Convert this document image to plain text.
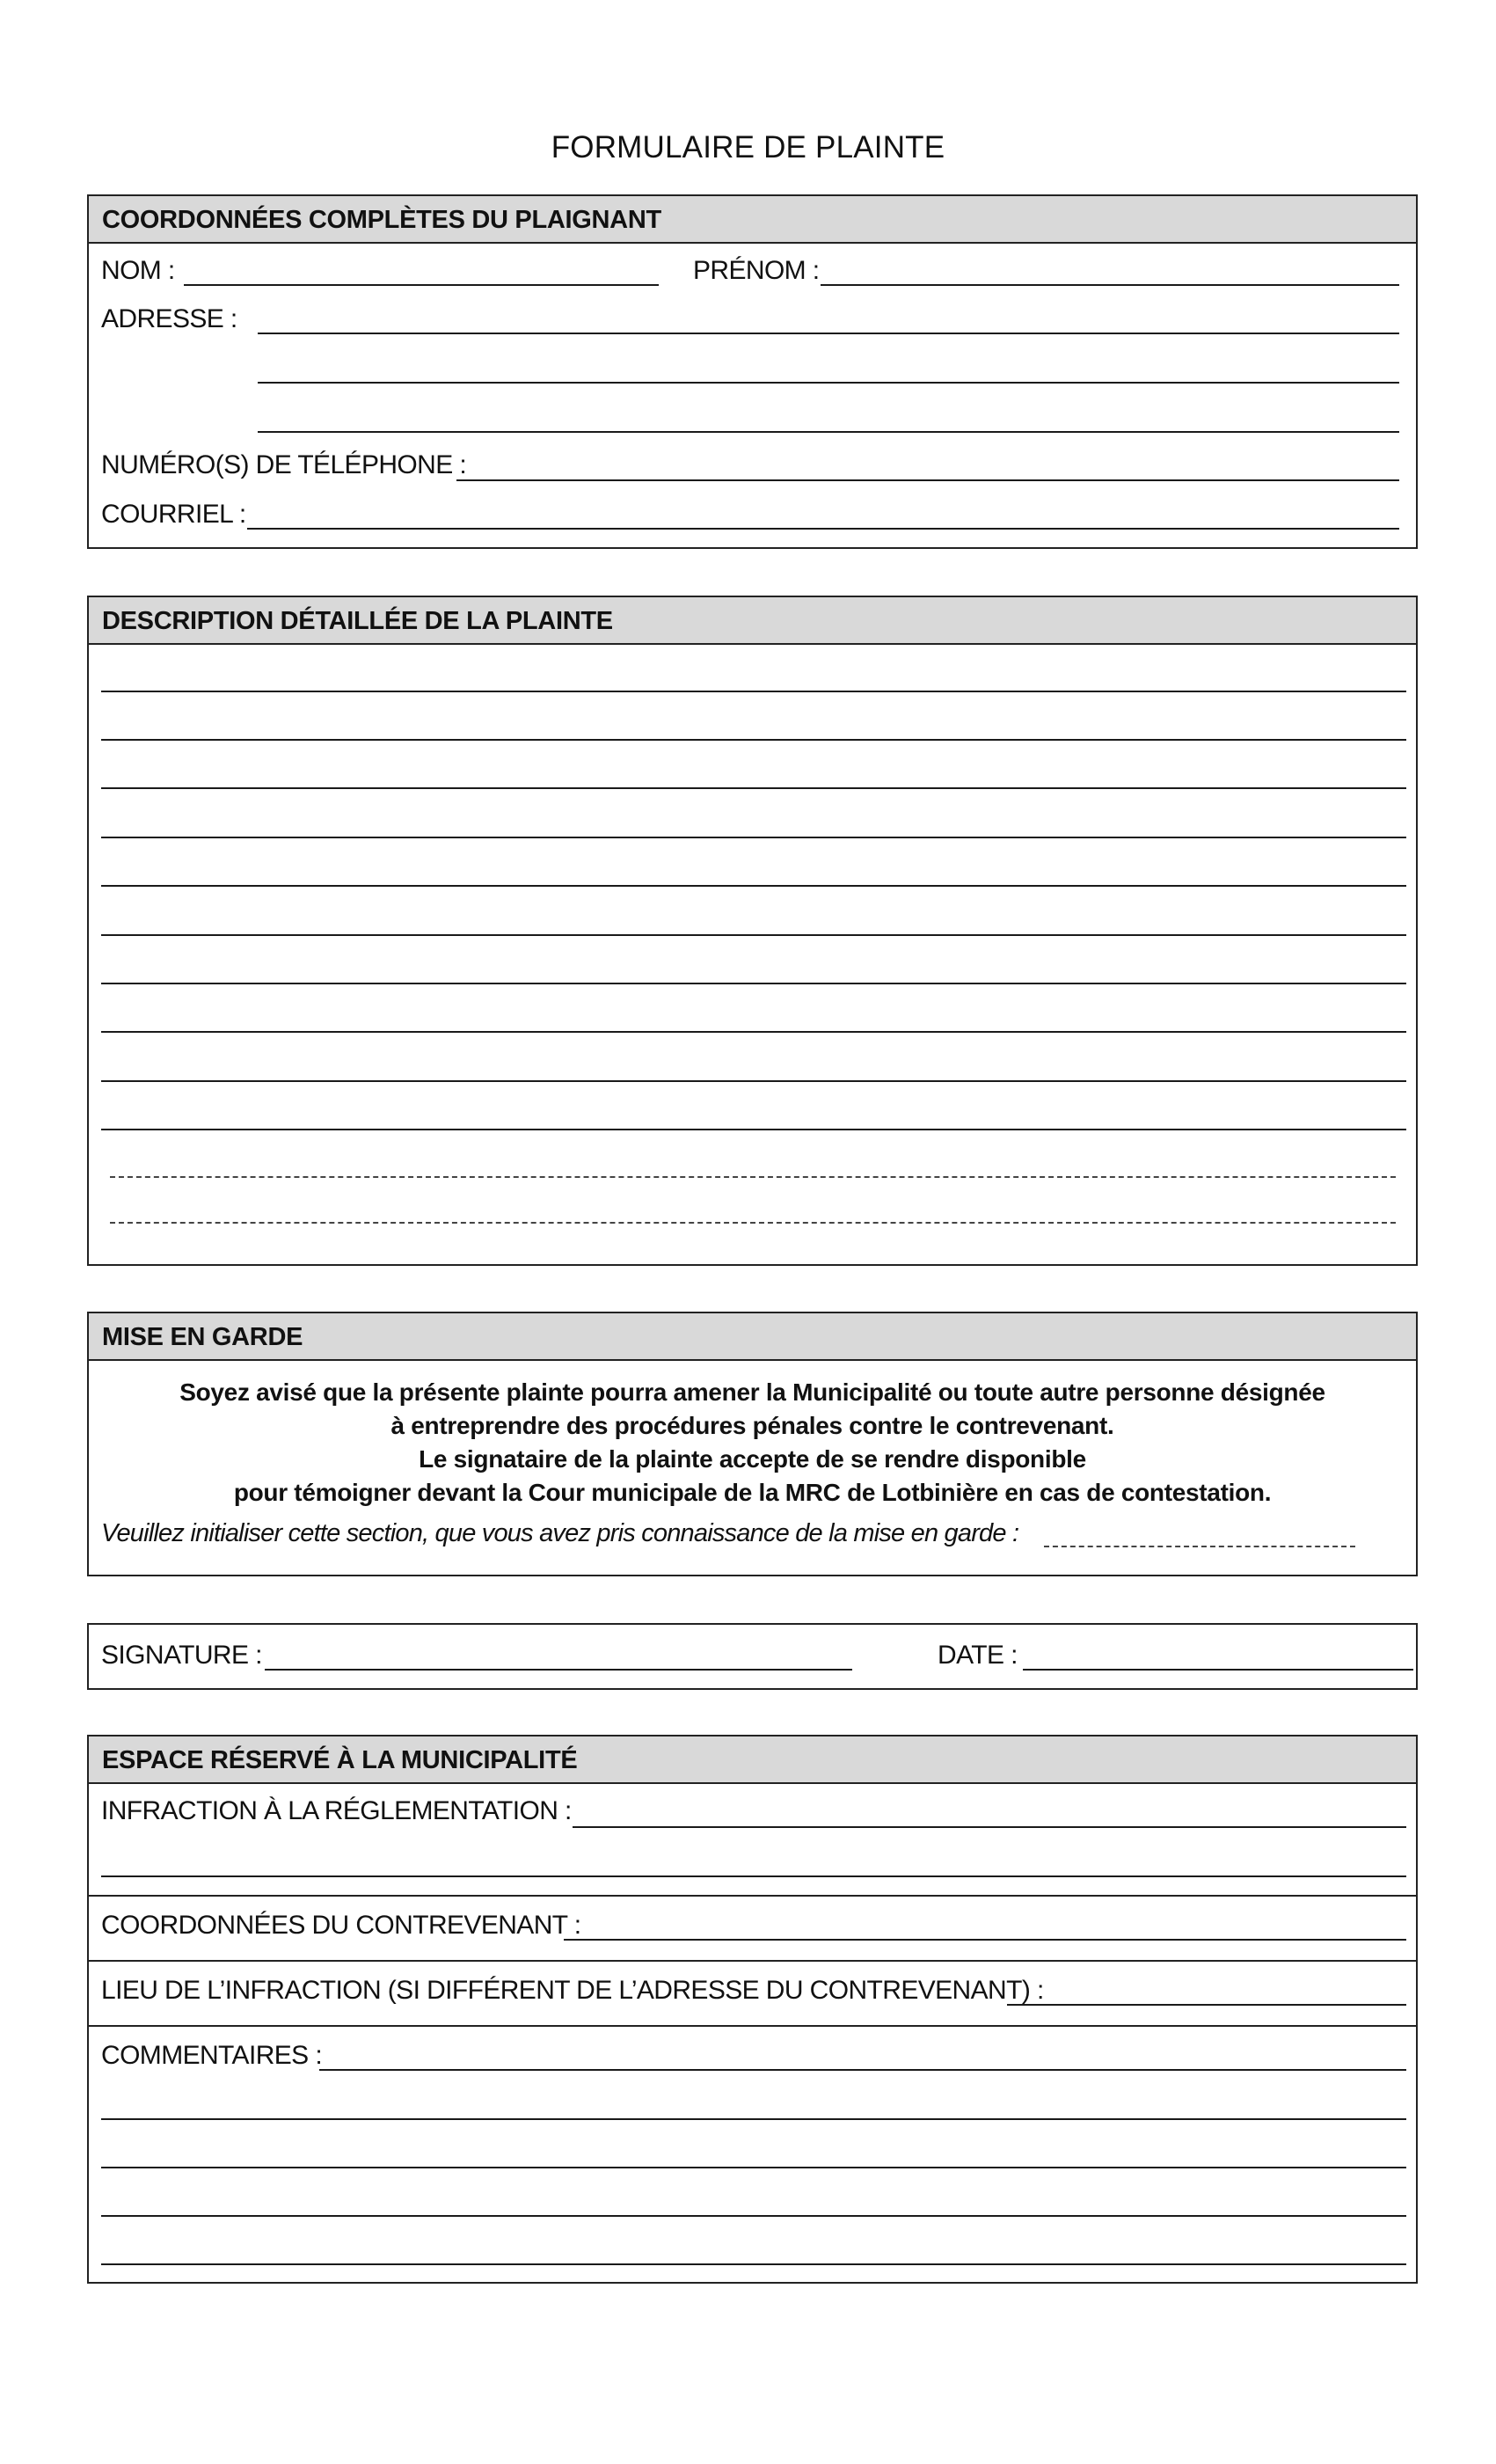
FORMULAIRE DE PLAINTE
COORDONNÉES COMPLÈTES DU PLAIGNANT
NOM :	PRÉNOM :
ADRESSE :
NUMÉRO(S) DE TÉLÉPHONE :
COURRIEL :
DESCRIPTION DÉTAILLÉE DE LA PLAINTE
MISE EN GARDE
Soyez avisé que la présente plainte pourra amener la Municipalité ou toute autre personne désignée
à entreprendre des procédures pénales contre le contrevenant.
Le signataire de la plainte accepte de se rendre disponible
pour témoigner devant la Cour municipale de la MRC de Lotbinière en cas de contestation.
Veuillez initialiser cette section, que vous avez pris connaissance de la mise en garde :
SIGNATURE :	DATE :
ESPACE RÉSERVÉ À LA MUNICIPALITÉ
INFRACTION À LA RÉGLEMENTATION :
COORDONNÉES DU CONTREVENANT :
LIEU DE L’INFRACTION (SI DIFFÉRENT DE L’ADRESSE DU CONTREVENANT) :
COMMENTAIRES :
